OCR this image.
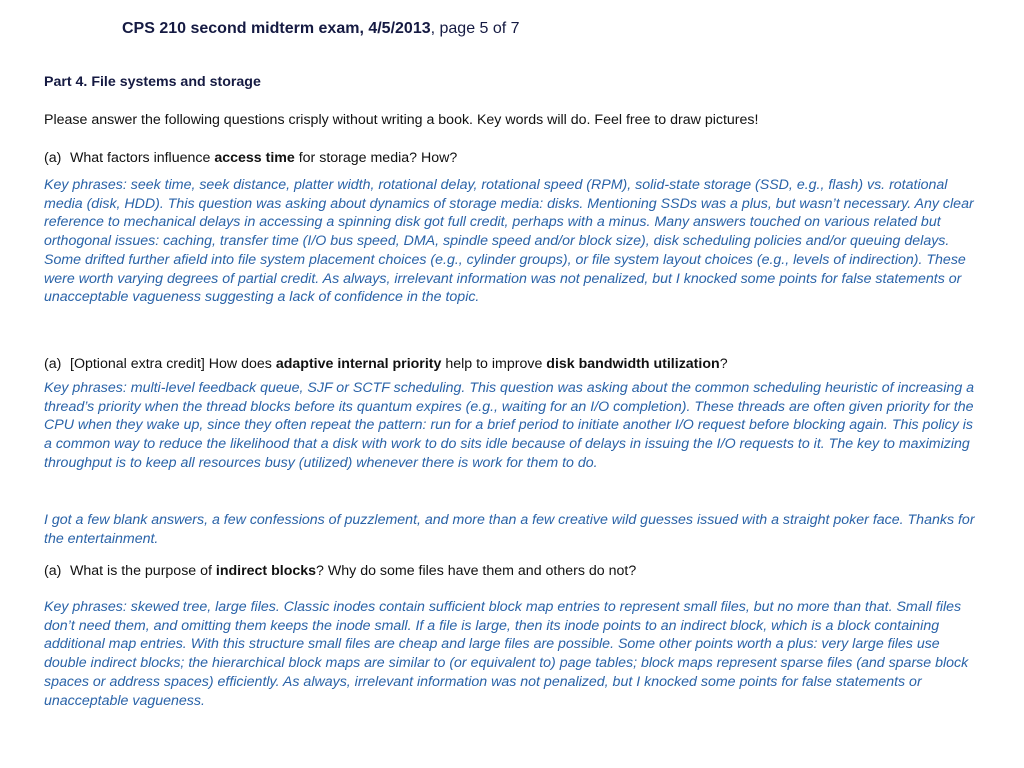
CPS 210 second midterm exam, 4/5/2013, page 5 of 7
Part 4. File systems and storage
Please answer the following questions crisply without writing a book. Key words will do. Feel free to draw pictures!
(a) What factors influence access time for storage media? How?
Key phrases: seek time, seek distance, platter width, rotational delay, rotational speed (RPM), solid-state storage (SSD, e.g., flash) vs. rotational media (disk, HDD). This question was asking about dynamics of storage media: disks. Mentioning SSDs was a plus, but wasn’t necessary. Any clear reference to mechanical delays in accessing a spinning disk got full credit, perhaps with a minus. Many answers touched on various related but orthogonal issues: caching, transfer time (I/O bus speed, DMA, spindle speed and/or block size), disk scheduling policies and/or queuing delays. Some drifted further afield into file system placement choices (e.g., cylinder groups), or file system layout choices (e.g., levels of indirection). These were worth varying degrees of partial credit. As always, irrelevant information was not penalized, but I knocked some points for false statements or unacceptable vagueness suggesting a lack of confidence in the topic.
(a) [Optional extra credit] How does adaptive internal priority help to improve disk bandwidth utilization?
Key phrases: multi-level feedback queue, SJF or SCTF scheduling. This question was asking about the common scheduling heuristic of increasing a thread’s priority when the thread blocks before its quantum expires (e.g., waiting for an I/O completion). These threads are often given priority for the CPU when they wake up, since they often repeat the pattern: run for a brief period to initiate another I/O request before blocking again. This policy is a common way to reduce the likelihood that a disk with work to do sits idle because of delays in issuing the I/O requests to it. The key to maximizing throughput is to keep all resources busy (utilized) whenever there is work for them to do.
I got a few blank answers, a few confessions of puzzlement, and more than a few creative wild guesses issued with a straight poker face. Thanks for the entertainment.
(a) What is the purpose of indirect blocks? Why do some files have them and others do not?
Key phrases: skewed tree, large files. Classic inodes contain sufficient block map entries to represent small files, but no more than that. Small files don’t need them, and omitting them keeps the inode small. If a file is large, then its inode points to an indirect block, which is a block containing additional map entries. With this structure small files are cheap and large files are possible. Some other points worth a plus: very large files use double indirect blocks; the hierarchical block maps are similar to (or equivalent to) page tables; block maps represent sparse files (and sparse block spaces or address spaces) efficiently. As always, irrelevant information was not penalized, but I knocked some points for false statements or unacceptable vagueness.
